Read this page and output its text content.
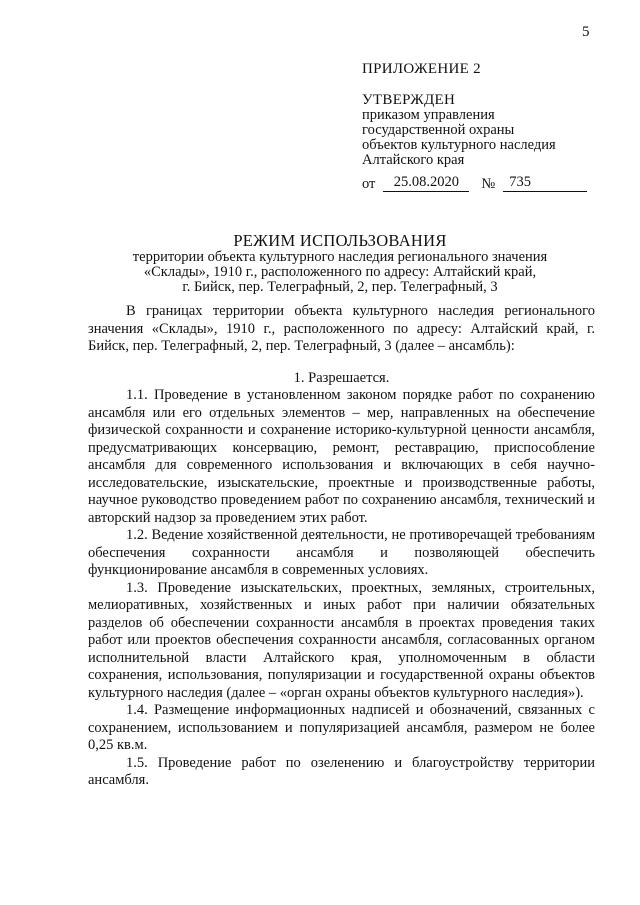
5
ПРИЛОЖЕНИЕ 2
УТВЕРЖДЕН
приказом управления
государственной охраны
объектов культурного наследия
Алтайского края
от	25.08.2020	№ 735
РЕЖИМ ИСПОЛЬЗОВАНИЯ
территории объекта культурного наследия регионального значения
«Склады», 1910 г., расположенного по адресу: Алтайский край,
г. Бийск, пер. Телеграфный, 2, пер. Телеграфный, 3

В границах территории объекта культурного наследия регионального значения «Склады», 1910 г., расположенного по адресу: Алтайский край, г. Бийск, пер. Телеграфный, 2, пер. Телеграфный, 3 (далее – ансамбль):

1. Разрешается.

1.1. Проведение в установленном законом порядке работ по сохранению ансамбля или его отдельных элементов – мер, направленных на обеспечение физической сохранности и сохранение историко-культурной ценности ансамбля, предусматривающих консервацию, ремонт, реставрацию, приспособление ансамбля для современного использования и включающих в себя научно-исследовательские, изыскательские, проектные и производственные работы, научное руководство проведением работ по сохранению ансамбля, технический и авторский надзор за проведением этих работ.

1.2. Ведение хозяйственной деятельности, не противоречащей требованиям обеспечения сохранности ансамбля и позволяющей обеспечить функционирование ансамбля в современных условиях.

1.3. Проведение изыскательских, проектных, земляных, строительных, мелиоративных, хозяйственных и иных работ при наличии обязательных разделов об обеспечении сохранности ансамбля в проектах проведения таких работ или проектов обеспечения сохранности ансамбля, согласованных органом исполнительной власти Алтайского края, уполномоченным в области сохранения, использования, популяризации и государственной охраны объектов культурного наследия (далее – «орган охраны объектов культурного наследия»).

1.4. Размещение информационных надписей и обозначений, связанных с сохранением, использованием и популяризацией ансамбля, размером не более 0,25 кв.м.

1.5. Проведение работ по озеленению и благоустройству территории ансамбля.
